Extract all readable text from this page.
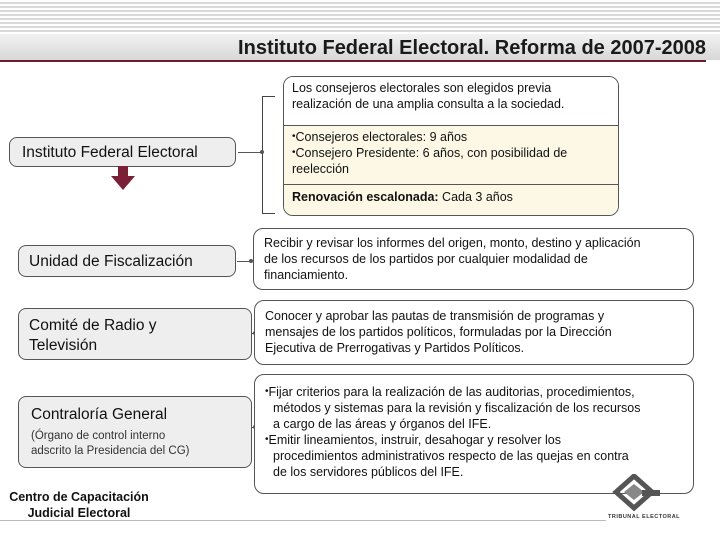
Instituto Federal Electoral. Reforma de 2007-2008
Instituto Federal Electoral
Los consejeros electorales son elegidos previa
realización de una amplia consulta a la sociedad.
•Consejeros electorales: 9 años
•Consejero Presidente: 6 años, con posibilidad de
reelección
Renovación escalonada: Cada 3 años
Unidad de Fiscalización
Recibir y revisar los informes del origen, monto, destino y aplicación
de los recursos de los partidos por cualquier modalidad de
financiamiento.
Comité de Radio y
Televisión
Conocer y aprobar las pautas de transmisión de programas y
mensajes de los partidos políticos, formuladas por la Dirección
Ejecutiva de Prerrogativas y Partidos Políticos.
Contraloría General
(Órgano de control interno
adscrito la Presidencia del CG)
•Fijar criterios para la realización de las auditorias, procedimientos,
métodos y sistemas para la revisión y fiscalización de los recursos
a cargo de las áreas y órganos del IFE.
•Emitir lineamientos, instruir, desahogar y resolver los
procedimientos administrativos respecto de las quejas en contra
de los servidores públicos del IFE.
Centro de Capacitación
Judicial Electoral	TRIBUNAL ELECTORAL
